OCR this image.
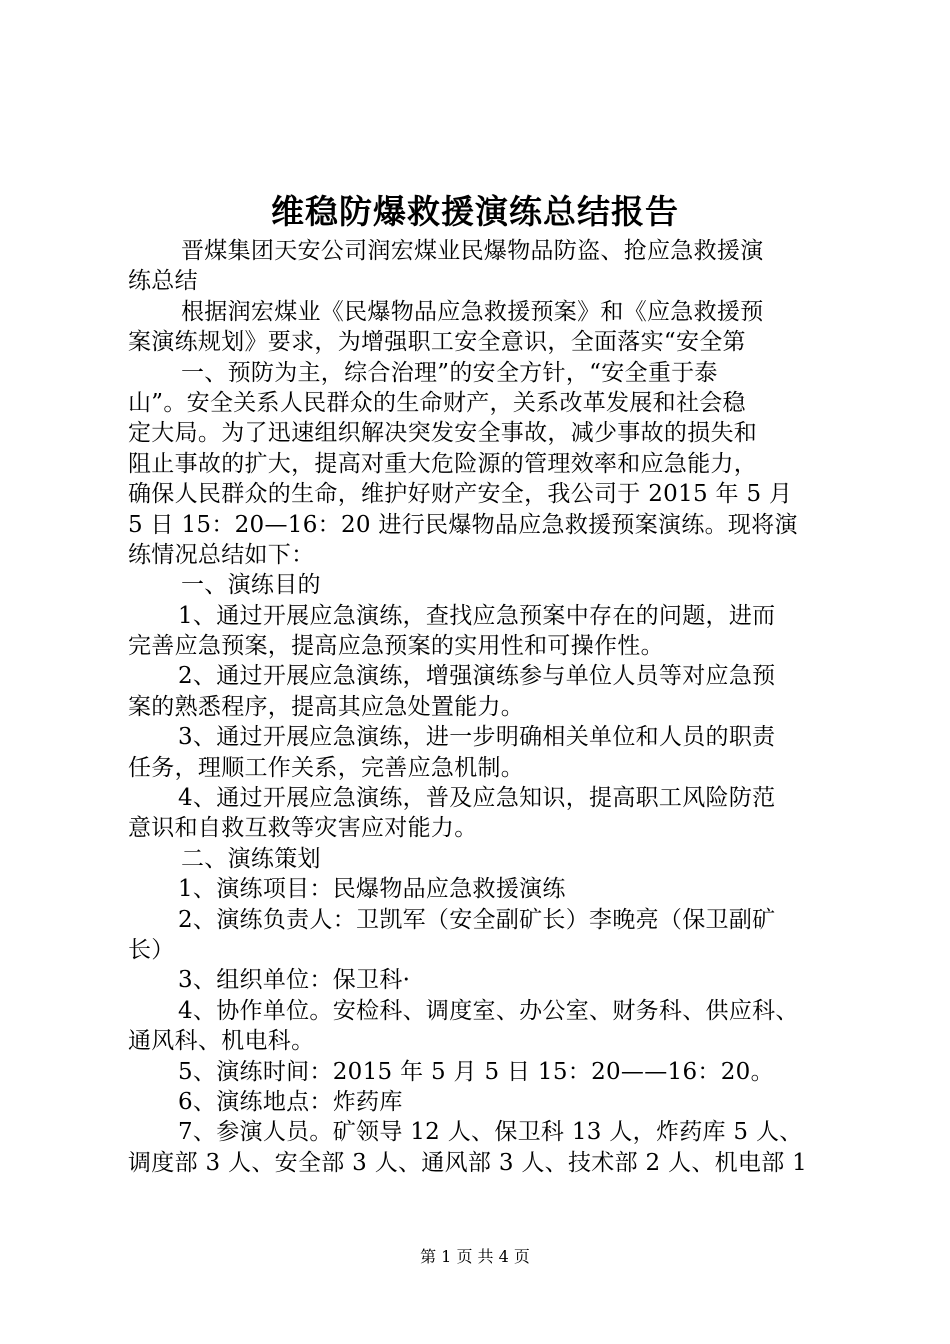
维稳防爆救援演练总结报告
晋煤集团天安公司润宏煤业民爆物品防盗、抢应急救援演
练总结
根据润宏煤业《民爆物品应急救援预案》和《应急救援预
案演练规划》要求，为增强职工安全意识，全面落实“安全第
一、预防为主，综合治理”的安全方针，“安全重于泰
山”。安全关系人民群众的生命财产，关系改革发展和社会稳
定大局。为了迅速组织解决突发安全事故，减少事故的损失和
阻止事故的扩大，提高对重大危险源的管理效率和应急能力，
确保人民群众的生命，维护好财产安全，我公司于 2015 年 5 月
5 日 15：20—16：20 进行民爆物品应急救援预案演练。现将演
练情况总结如下：
一、演练目的
1、通过开展应急演练，查找应急预案中存在的问题，进而
完善应急预案，提高应急预案的实用性和可操作性。
2、通过开展应急演练，增强演练参与单位人员等对应急预
案的熟悉程序，提高其应急处置能力。
3、通过开展应急演练，进一步明确相关单位和人员的职责
任务，理顺工作关系，完善应急机制。
4、通过开展应急演练，普及应急知识，提高职工风险防范
意识和自救互救等灾害应对能力。
二、演练策划
1、演练项目：民爆物品应急救援演练
2、演练负责人：卫凯军（安全副矿长）李晚亮（保卫副矿
长）
3、组织单位：保卫科·
4、协作单位。安检科、调度室、办公室、财务科、供应科、
通风科、机电科。
5、演练时间：2015 年 5 月 5 日 15：20——16：20。
6、演练地点：炸药库
7、参演人员。矿领导 12 人、保卫科 13 人，炸药库 5 人、
调度部 3 人、安全部 3 人、通风部 3 人、技术部 2 人、机电部 1
第 1 页 共 4 页
